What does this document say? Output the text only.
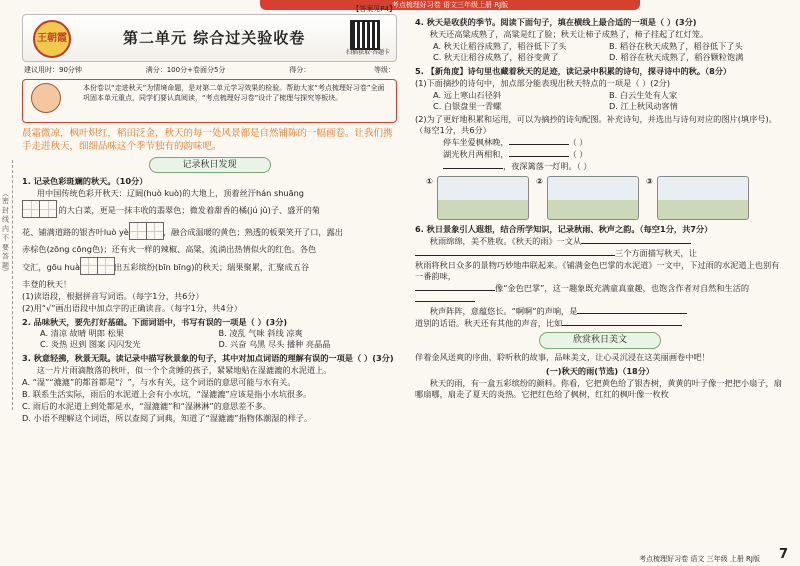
考点梳理好习卷 语文三年级上册 RJ版
（密 封 线 内 不 要 答 题）
王朝霞	第二单元 综合过关验收卷
扫描获取·答题卡
【答案见P4】
建议用时：90分钟	满分：100分+卷面分5分	得分：	等级：
本份卷以“走进秋天”为情境命题，是对第二单元学习效果的检验。帮助大家“考点梳理好习卷”全面巩固本单元重点，同学们要认真阅读，“考点梳理好习卷”设计了梳理与探究等板块。
晨霜微凉，枫叶炽红，稻田泛金，秋天的每一处风景都是自然铺陈的一幅画卷。让我们携手走进秋天，细细品味这个季节独有的韵味吧。
记录秋日发现
1. 记录色彩斑斓的秋天。（10分）
用中国传统色彩开秋天：辽阔(huò kuò)的大地上，顶着丝汗hán shuāng
的大白菜，更是一抹丰收的翡翠色；微发着甜香的橘(jú jǔ)子、盛开的菊
花、铺满道路的银杏叶luò yè	，融合成温暖的黄色；熟透的板栗笑开了口，露出
赤棕色(zōng cōng色)；还有火一样的辣椒、高粱，流淌出热情似火的红色。各色
交汇，gōu huà	出五彩缤纷(bīn bīng)的秋天；瑞果聚累，汇聚成五谷
丰登的秋天！
(1)读语段，根据拼音写词语。（每字1分，共6分）
(2)用“√”画出语段中加点字的正确读音。（每字1分，共4分）
2. 品味秋天，要先打好基础。下面词语中，书写有误的一项是（ ）(3分)
A. 清凉 故晴 明郎 松果	B. 凌乱 气味 斜线 凉爽
C. 炎热 迟到 图案 闪闪发光	D. 兴奋 乌黑 尽头 播种 亮晶晶
3. 秋意轻拂，秋景无限。读记录中描写秋景象的句子，其中对加点词语的理解有误的一项是（ ）(3分)
这一片片雨滴散落的秋叶，似一个个贪睡的孩子，紧紧地贴在湿漉漉的水泥道上。
A. “湿”“漉漉”的都首都是“氵”，与水有关，这个词语的意思可能与水有关。
B. 联系生活实际，雨后的水泥道上会有小水坑，“湿漉漉”应该是指小水坑很多。
C. 雨后的水泥道上到处都是水，“湿漉漉”和“湿淋淋”的意思差不多。
D. 小语不理解这个词语，所以查阅了词典，知道了“湿漉漉”指物体潮湿的样子。
4. 秋天是收获的季节。阅读下面句子，填在横线上最合适的一项是（ ）(3分)
秋天还高粱成熟了，高粱是红了脸；秋天让柿子成熟了，柿子挂起了红灯笼。
A. 秋天让稻谷成熟了，稻谷低下了头	B. 稻谷在秋天成熟了，稻谷低下了头
C. 秋天让稻谷成熟了，稻谷变黄了	D. 稻谷在秋天成熟了，稻谷颗粒饱满
5. 【新角度】诗句里也藏着秋天的足迹，读记录中积累的诗句，探寻诗中的秋。（8分）
(1)下面摘抄的诗句中，加点部分能表现出秋天特点的一项是（ ）(2分)
A. 远上寒山石径斜	B. 白云生处有人家
C. 白银盘里一青螺	D. 江上秋风动客情
(2)为了更好地积累和运用，可以为摘抄的诗句配图。补充诗句，并选出与诗句对应的图片(填序号)。（每空1分，共6分）
停车坐爱枫林晚，	（ ）
湖光秋月两相和，	（ ）
，夜深篱落一灯明。（ ）
①	②	③
6. 秋日景象引人遐想，结合所学知识，记录秋雨、秋声之韵。（每空1分，共7分）
秋雨绵绵，美不胜收。《秋天的雨》一文从
三个方面描写秋天，让
秋雨将秋日众多的景物巧妙地串联起来。《铺满金色巴掌的水泥道》一文中，下过雨的水泥道上也别有一番韵味，
像“金色巴掌”，这一趣象既充满童真童趣，也饱含作者对自然和生活的
秋声阵阵，意蕴悠长。“啊啊”的声响，是
道别的话语。秋天还有其他的声音，比如
欣赏秋日美文
伴着金风送爽的序曲，聆听秋的故事，品味美文，让心灵沉浸在这美丽画卷中吧！
(一)秋天的雨(节选)（18分）
秋天的雨，有一盒五彩缤纷的颜料。你看，它把黄色给了银杏树，黄黄的叶子像一把把小扇子，扇哪扇哪，扇走了夏天的炎热。它把红色给了枫树，红红的枫叶像一枚枚
考点梳理好习卷 语文 三年级 上册 RJ版 7
